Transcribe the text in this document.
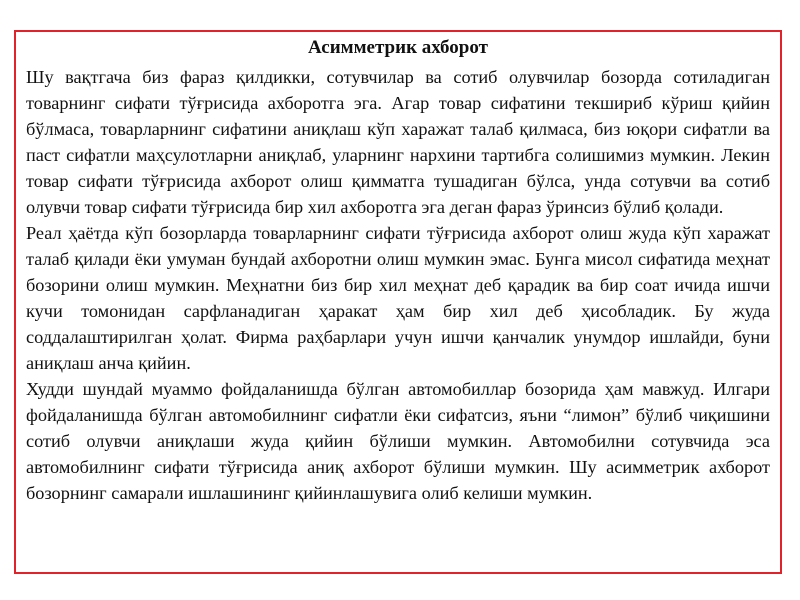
Асимметрик ахборот

Шу вақтгача биз фараз қилдикки, сотувчилар ва сотиб олувчилар бозорда сотиладиган товарнинг сифати тўғрисида ахборотга эга. Агар товар сифатини текшириб кўриш қийин бўлмаса, товарларнинг сифатини аниқлаш кўп харажат талаб қилмаса, биз юқори сифатли ва паст сифатли маҳсулотларни аниқлаб, уларнинг нархини тартибга солишимиз мумкин. Лекин товар сифати тўғрисида ахборот олиш қимматга тушадиган бўлса, унда сотувчи ва сотиб олувчи товар сифати тўғрисида бир хил ахборотга эга деган фараз ўринсиз бўлиб қолади.

Реал ҳаётда кўп бозорларда товарларнинг сифати тўғрисида ахборот олиш жуда кўп харажат талаб қилади ёки умуман бундай ахборотни олиш мумкин эмас. Бунга мисол сифатида меҳнат бозорини олиш мумкин. Меҳнатни биз бир хил меҳнат деб қарадик ва бир соат ичида ишчи кучи томонидан сарфланадиган ҳаракат ҳам бир хил деб ҳисобладик. Бу жуда соддалаштирилган ҳолат. Фирма раҳбарлари учун ишчи қанчалик унумдор ишлайди, буни аниқлаш анча қийин.

Худди шундай муаммо фойдаланишда бўлган автомобиллар бозорида ҳам мавжуд. Илгари фойдаланишда бўлган автомобилнинг сифатли ёки сифатсиз, яъни “лимон” бўлиб чиқишини сотиб олувчи аниқлаши жуда қийин бўлиши мумкин. Автомобилни сотувчида эса автомобилнинг сифати тўғрисида аниқ ахборот бўлиши мумкин. Шу асимметрик ахборот бозорнинг самарали ишлашининг қийинлашувига олиб келиши мумкин.
